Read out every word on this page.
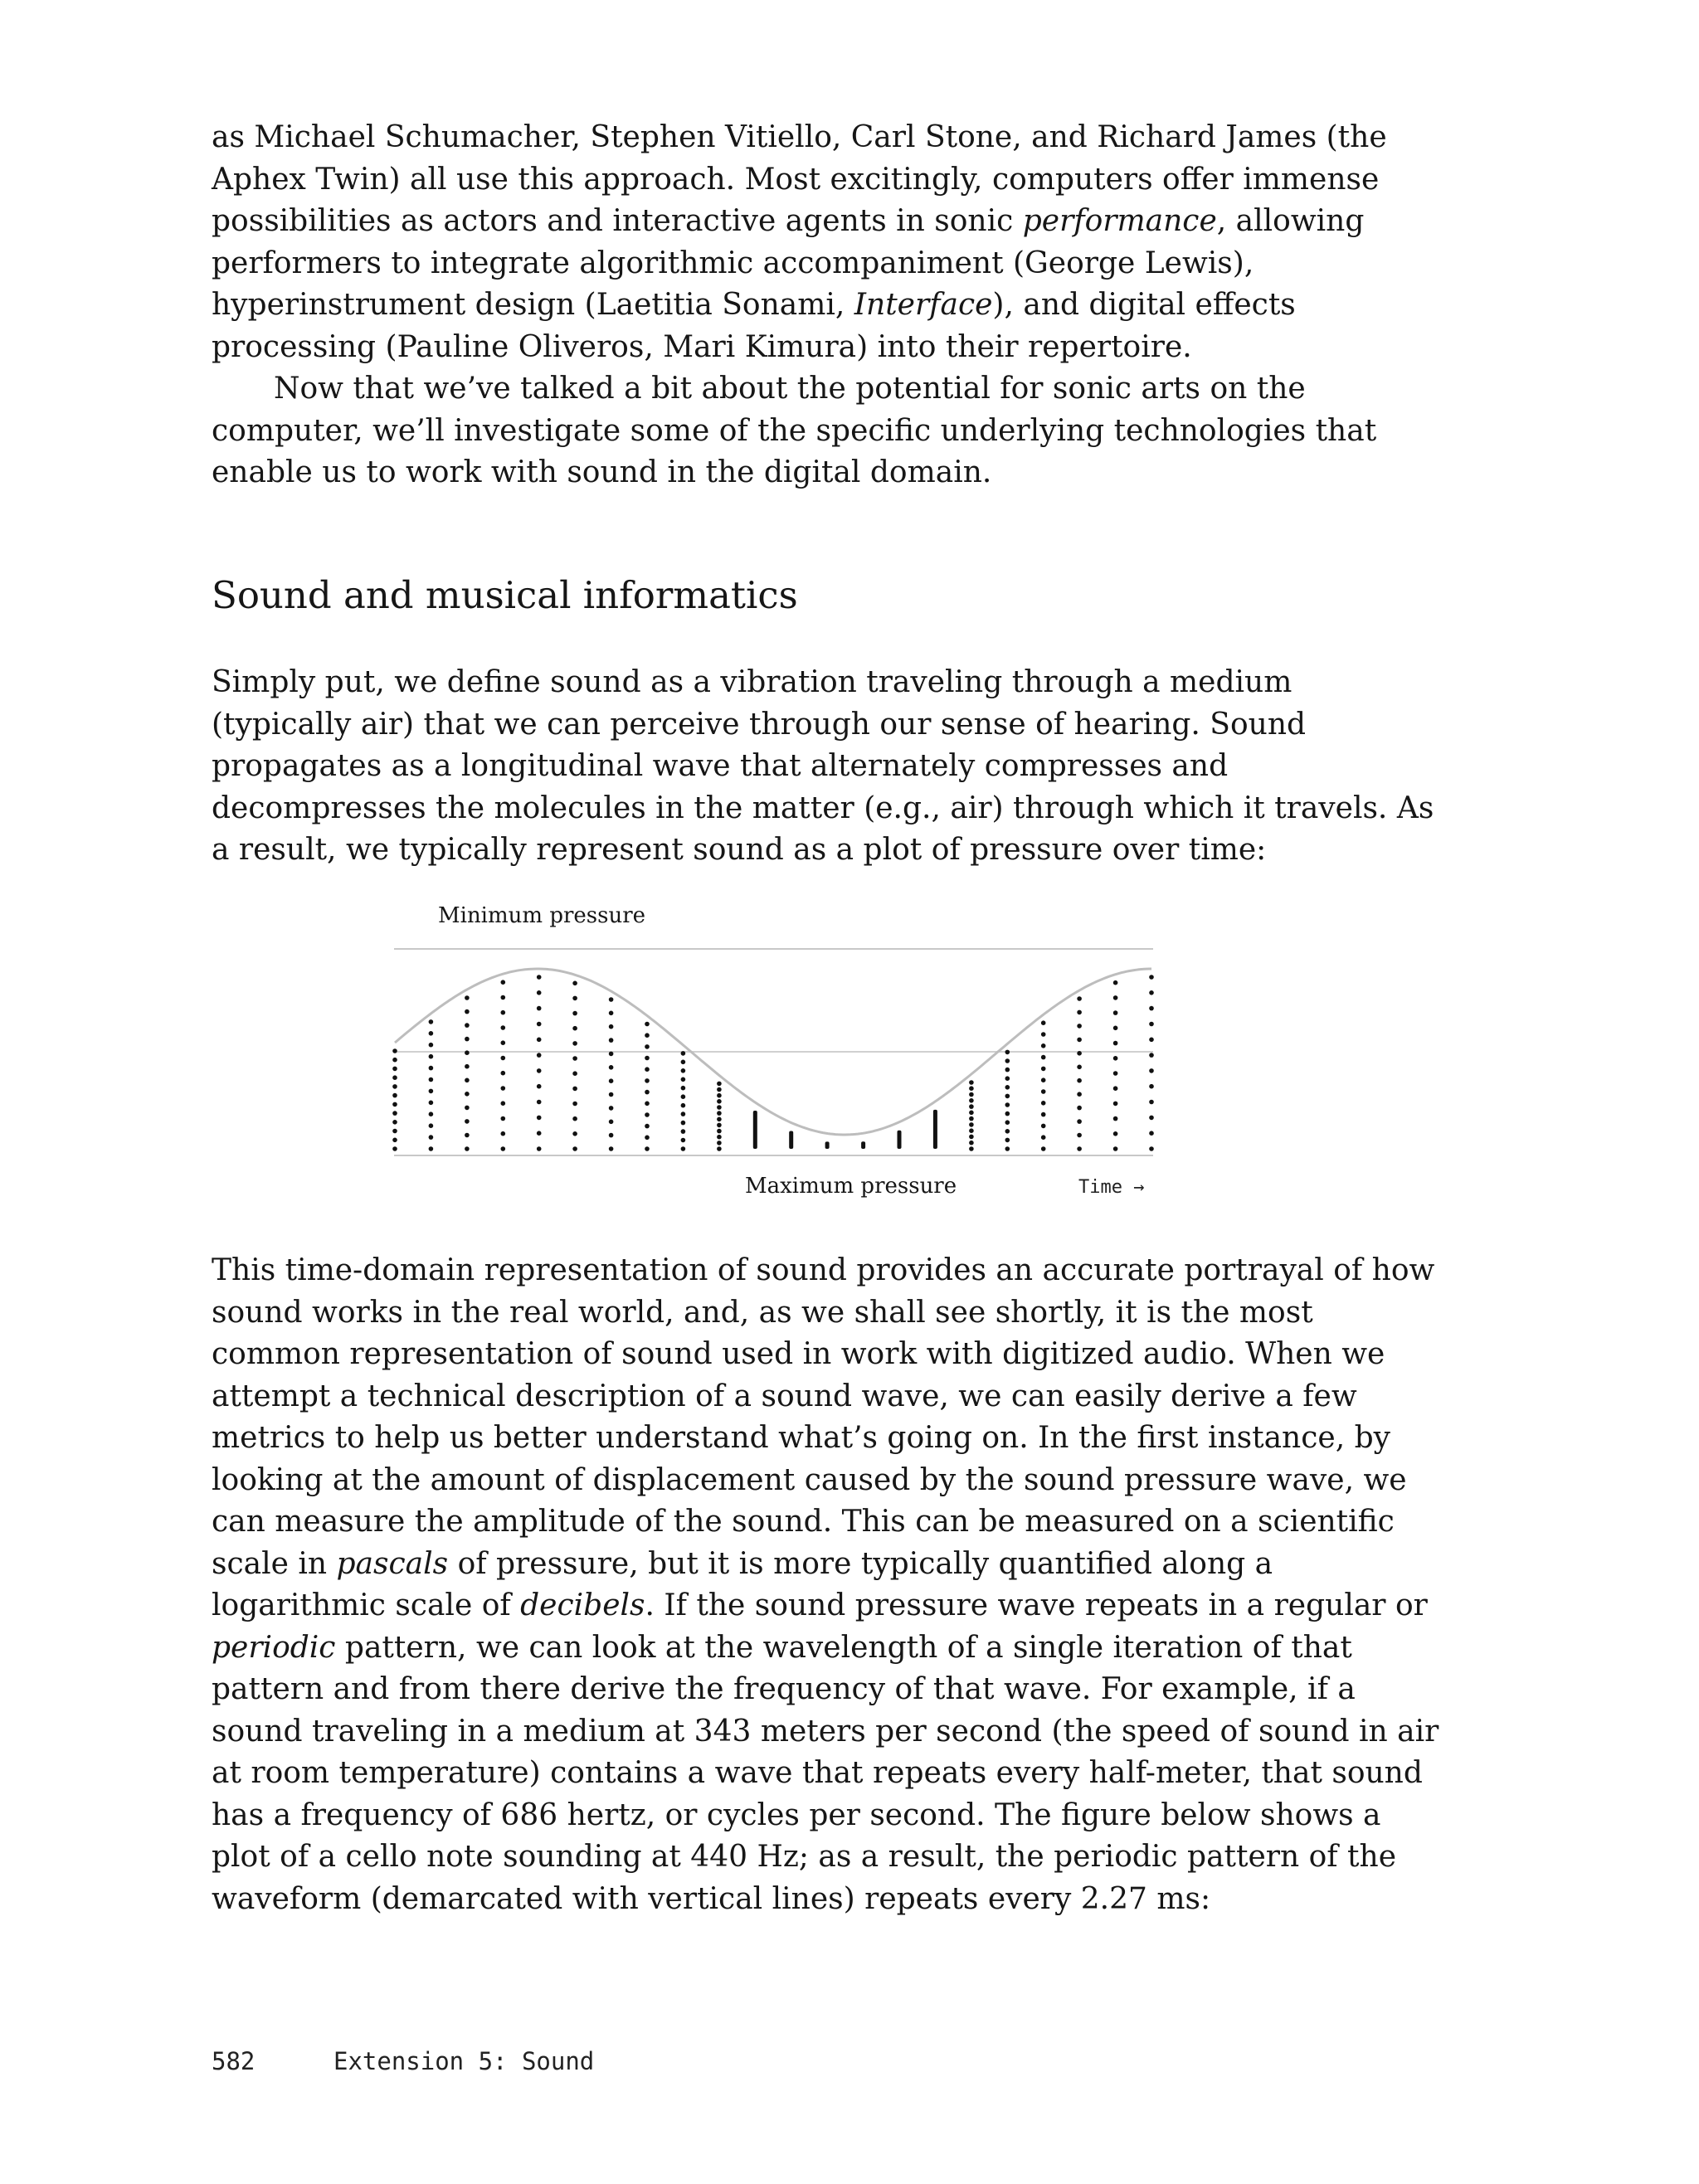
as Michael Schumacher, Stephen Vitiello, Carl Stone, and Richard James (the Aphex Twin) all use this approach. Most excitingly, computers offer immense possibilities as actors and interactive agents in sonic performance, allowing performers to integrate algorithmic accompaniment (George Lewis), hyperinstrument design (Laetitia Sonami, Interface), and digital effects processing (Pauline Oliveros, Mari Kimura) into their repertoire.

Now that we’ve talked a bit about the potential for sonic arts on the computer, we’ll investigate some of the specific underlying technologies that enable us to work with sound in the digital domain.

Sound and musical informatics

Simply put, we define sound as a vibration traveling through a medium (typically air) that we can perceive through our sense of hearing. Sound propagates as a longitudinal wave that alternately compresses and decompresses the molecules in the matter (e.g., air) through which it travels. As a result, we typically represent sound as a plot of pressure over time:

Minimum pressure
Maximum pressure	Time →

This time-domain representation of sound provides an accurate portrayal of how sound works in the real world, and, as we shall see shortly, it is the most common representation of sound used in work with digitized audio. When we attempt a technical description of a sound wave, we can easily derive a few metrics to help us better understand what’s going on. In the first instance, by looking at the amount of displacement caused by the sound pressure wave, we can measure the amplitude of the sound. This can be measured on a scientific scale in pascals of pressure, but it is more typically quantified along a logarithmic scale of decibels. If the sound pressure wave repeats in a regular or periodic pattern, we can look at the wavelength of a single iteration of that pattern and from there derive the frequency of that wave. For example, if a sound traveling in a medium at 343 meters per second (the speed of sound in air at room temperature) contains a wave that repeats every half-meter, that sound has a frequency of 686 hertz, or cycles per second. The figure below shows a plot of a cello note sounding at 440 Hz; as a result, the periodic pattern of the waveform (demarcated with vertical lines) repeats every 2.27 ms:

582	Extension 5: Sound
